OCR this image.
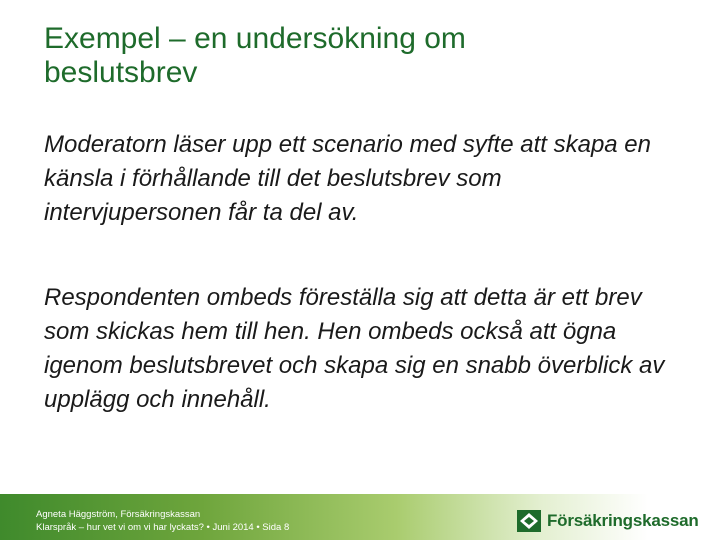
Exempel – en undersökning om
beslutsbrev

Moderatorn läser upp ett scenario med syfte att skapa en känsla i förhållande till det beslutsbrev som intervjupersonen får ta del av.

Respondenten ombeds föreställa sig att detta är ett brev som skickas hem till hen. Hen ombeds också att ögna igenom beslutsbrevet och skapa sig en snabb överblick av upplägg och innehåll.

Agneta Häggström, Försäkringskassan
Klarspråk – hur vet vi om vi har lyckats? • Juni 2014 • Sida 8	Försäkringskassan
